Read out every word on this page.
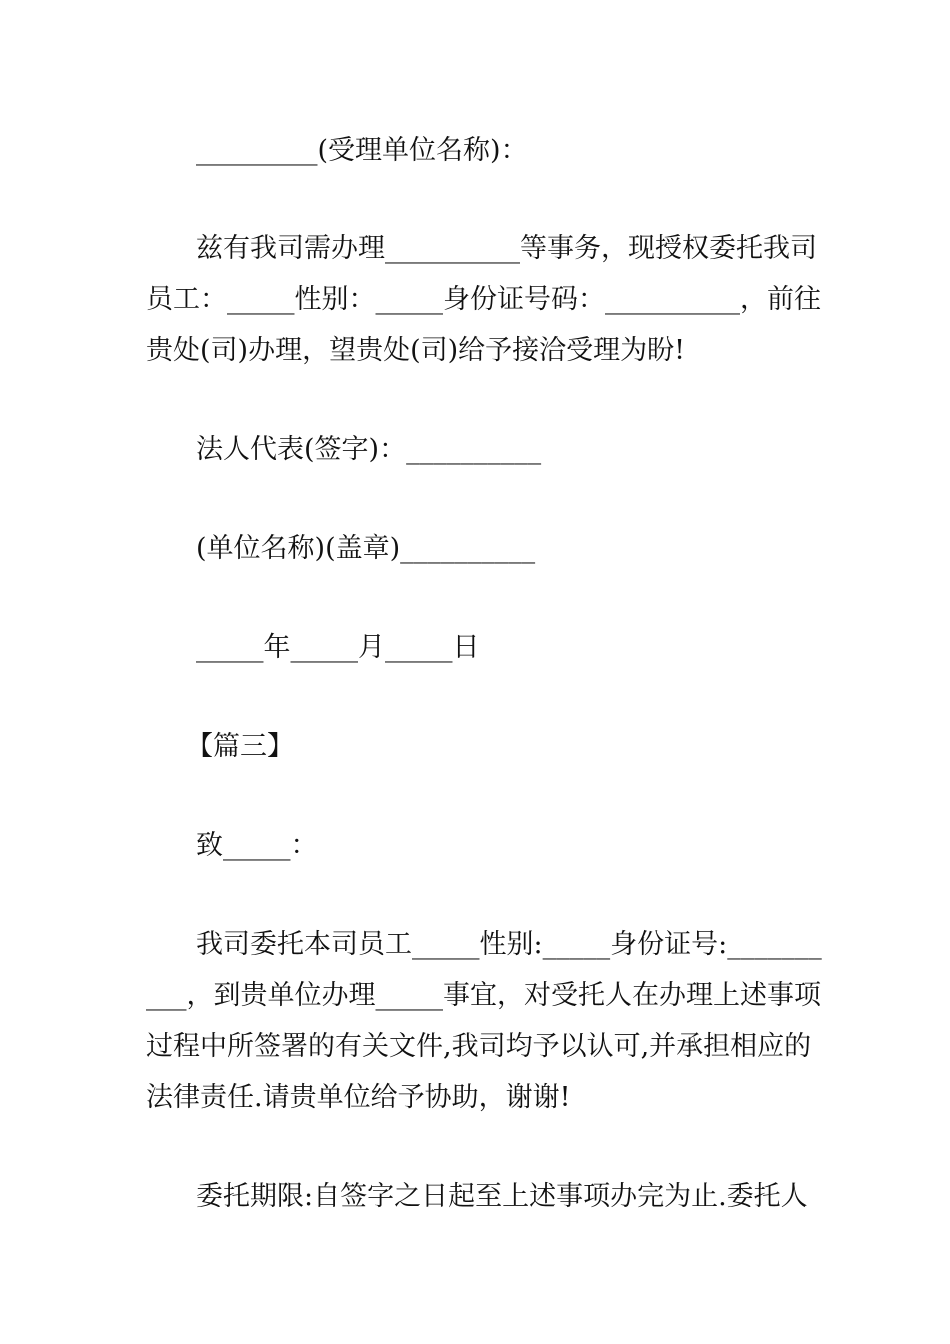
_________(受理单位名称)：
兹有我司需办理__________等事务，现授权委托我司
员工：_____性别：_____身份证号码：__________，前往
贵处(司)办理，望贵处(司)给予接洽受理为盼!
法人代表(签字)：__________
(单位名称)(盖章)__________
_____年_____月_____日
【篇三】
致_____：
我司委托本司员工_____性别:_____身份证号:_______
___，到贵单位办理_____事宜，对受托人在办理上述事项
过程中所签署的有关文件,我司均予以认可,并承担相应的
法律责任.请贵单位给予协助，谢谢!
委托期限:自签字之日起至上述事项办完为止.委托人
